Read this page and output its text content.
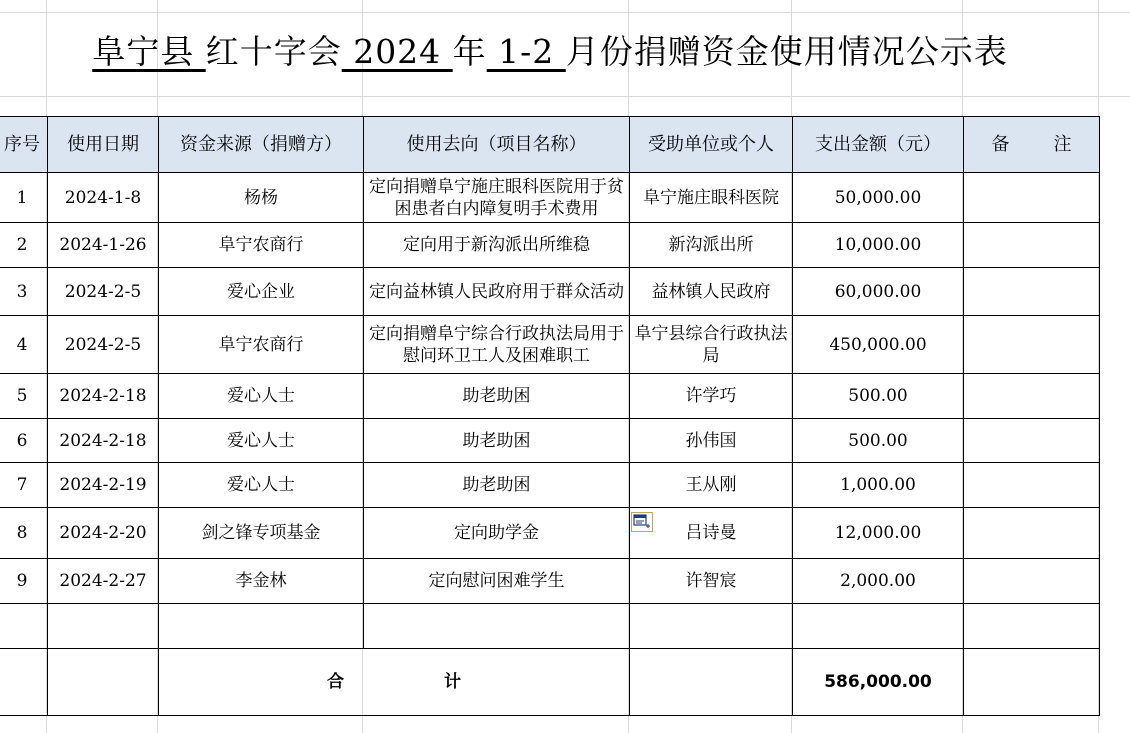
阜宁县 红十字会 2024 年 1-2 月份捐赠资金使用情况公示表
序号	使用日期	资金来源（捐赠方）	使用去向（项目名称）	受助单位或个人	支出金额（元）	备 注

1	2024-1-8	杨杨	定向捐赠阜宁施庄眼科医院用于贫困患者白内障复明手术费用	阜宁施庄眼科医院	50,000.00	
2	2024-1-26	阜宁农商行	定向用于新沟派出所维稳	新沟派出所	10,000.00	
3	2024-2-5	爱心企业	定向益林镇人民政府用于群众活动	益林镇人民政府	60,000.00	
4	2024-2-5	阜宁农商行	定向捐赠阜宁综合行政执法局用于慰问环卫工人及困难职工	阜宁县综合行政执法局	450,000.00	
5	2024-2-18	爱心人士	助老助困	许学巧	500.00	
6	2024-2-18	爱心人士	助老助困	孙伟国	500.00	
7	2024-2-19	爱心人士	助老助困	王从刚	1,000.00	
8	2024-2-20	剑之锋专项基金	定向助学金	吕诗曼	12,000.00	
9	2024-2-27	李金林	定向慰问困难学生	许智宸	2,000.00	

		合 计			586,000.00	
